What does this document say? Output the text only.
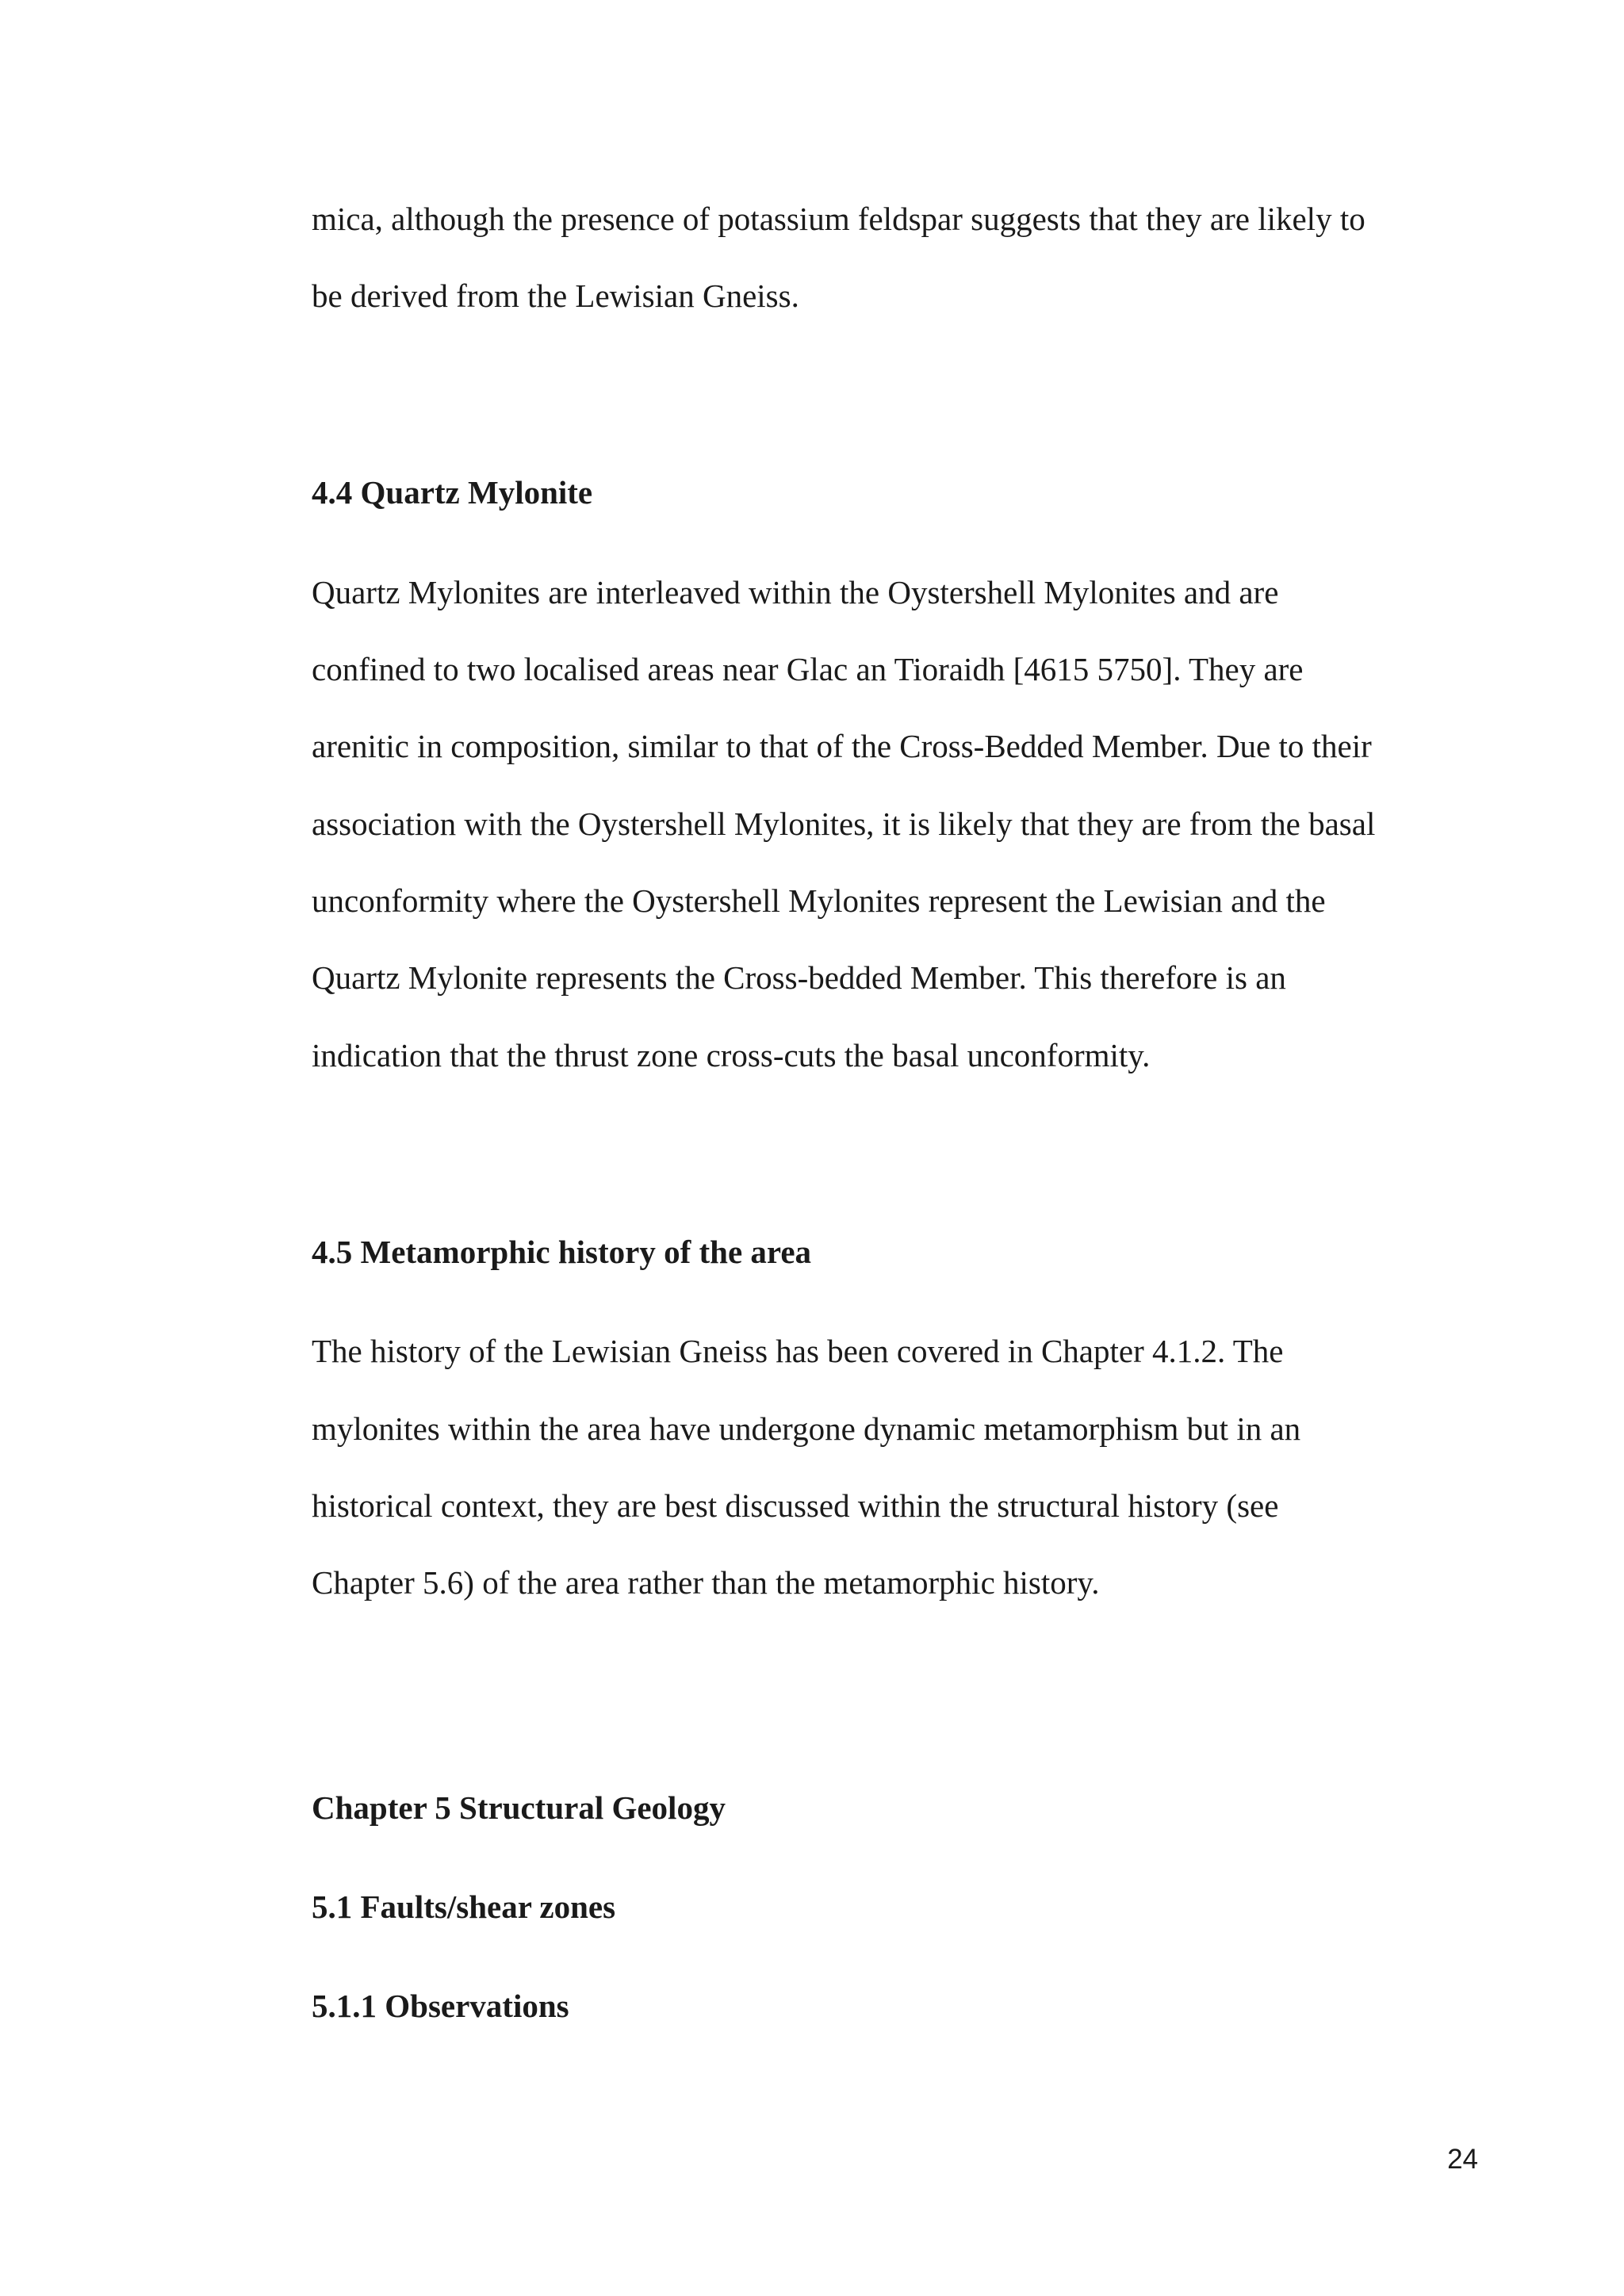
mica, although the presence of potassium feldspar suggests that they are likely to

be derived from the Lewisian Gneiss.

4.4 Quartz Mylonite

Quartz Mylonites are interleaved within the Oystershell Mylonites and are

confined to two localised areas near Glac an Tioraidh [4615 5750]. They are

arenitic in composition, similar to that of the Cross-Bedded Member. Due to their

association with the Oystershell Mylonites, it is likely that they are from the basal

unconformity where the Oystershell Mylonites represent the Lewisian and the

Quartz Mylonite represents the Cross-bedded Member. This therefore is an

indication that the thrust zone cross-cuts the basal unconformity.

4.5 Metamorphic history of the area

The history of the Lewisian Gneiss has been covered in Chapter 4.1.2. The

mylonites within the area have undergone dynamic metamorphism but in an

historical context, they are best discussed within the structural history (see

Chapter 5.6) of the area rather than the metamorphic history.

Chapter 5 Structural Geology
5.1 Faults/shear zones
5.1.1 Observations
24
